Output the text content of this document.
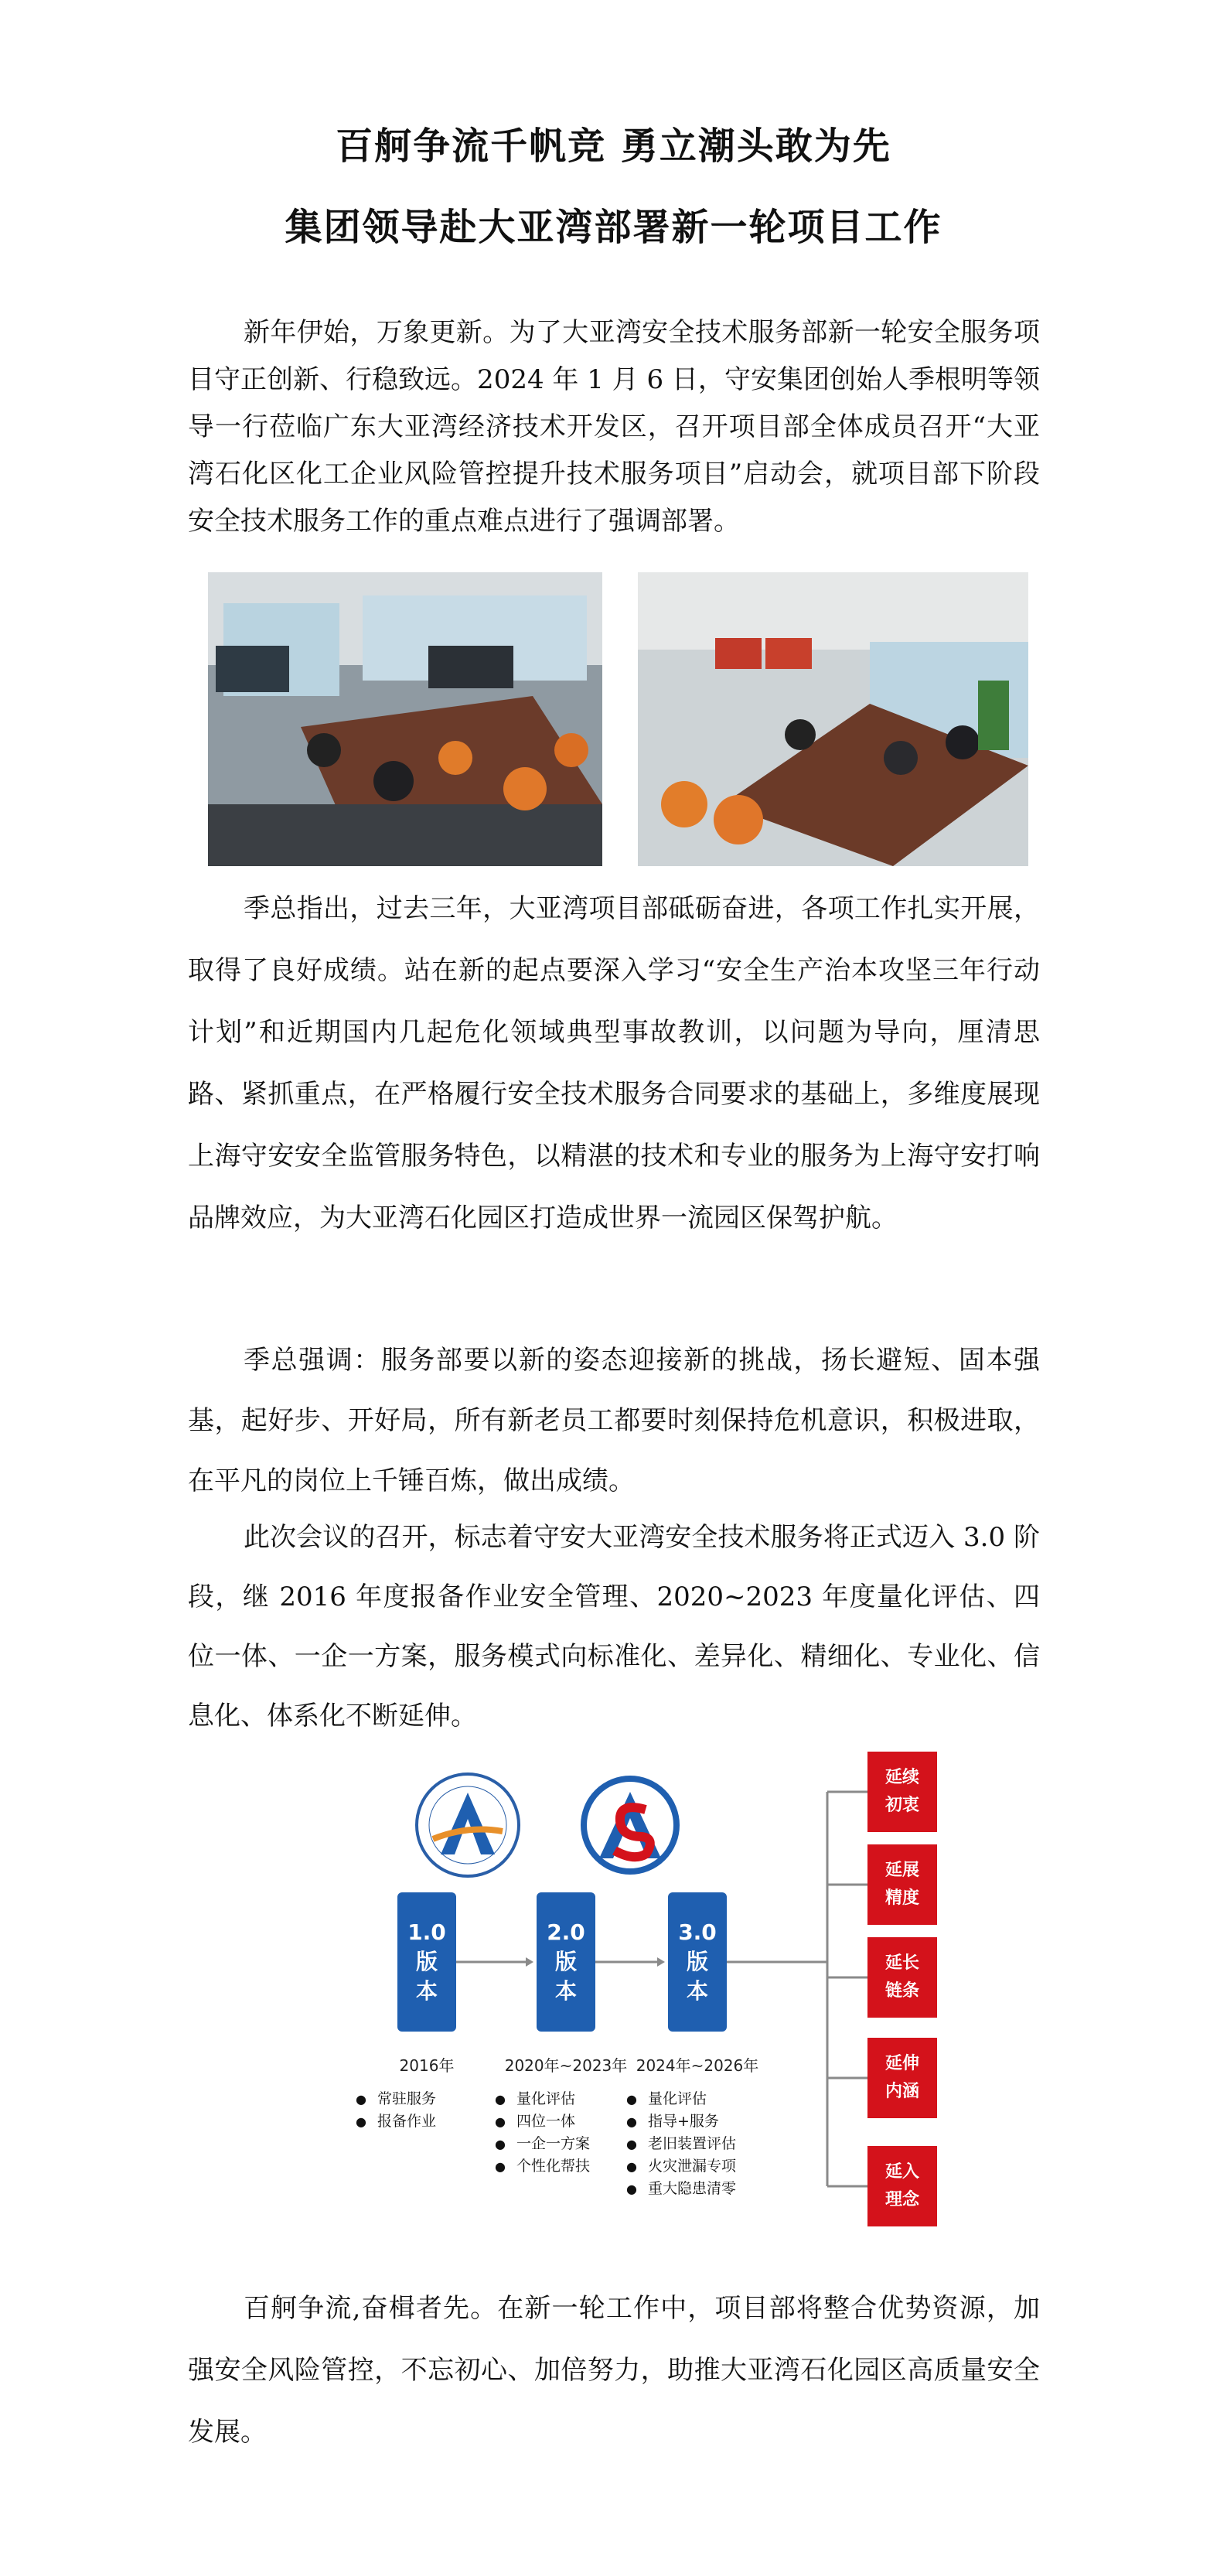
百舸争流千帆竞 勇立潮头敢为先
集团领导赴大亚湾部署新一轮项目工作
新年伊始，万象更新。为了大亚湾安全技术服务部新一轮安全服务项目守正创新、行稳致远。2024 年 1 月 6 日，守安集团创始人季根明等领导一行莅临广东大亚湾经济技术开发区，召开项目部全体成员召开“大亚湾石化区化工企业风险管控提升技术服务项目”启动会，就项目部下阶段安全技术服务工作的重点难点进行了强调部署。
季总指出，过去三年，大亚湾项目部砥砺奋进，各项工作扎实开展，取得了良好成绩。站在新的起点要深入学习“安全生产治本攻坚三年行动计划”和近期国内几起危化领域典型事故教训，以问题为导向，厘清思路、紧抓重点，在严格履行安全技术服务合同要求的基础上，多维度展现上海守安安全监管服务特色，以精湛的技术和专业的服务为上海守安打响品牌效应，为大亚湾石化园区打造成世界一流园区保驾护航。
季总强调：服务部要以新的姿态迎接新的挑战，扬长避短、固本强基，起好步、开好局，所有新老员工都要时刻保持危机意识，积极进取，在平凡的岗位上千锤百炼，做出成绩。
此次会议的召开，标志着守安大亚湾安全技术服务将正式迈入 3.0 阶段，继 2016 年度报备作业安全管理、2020~2023 年度量化评估、四位一体、一企一方案，服务模式向标准化、差异化、精细化、专业化、信息化、体系化不断延伸。
1.0
版
本
2.0
版
本
3.0
版
本
2016年	2020年~2023年 2024年~2026年
● 常驻服务
● 报备作业
● 量化评估
● 四位一体
● 一企一方案
● 个性化帮扶
● 量化评估
● 指导+服务
● 老旧装置评估
● 火灾泄漏专项
● 重大隐患清零
延续
初衷
延展
精度
延长
链条
延伸
内涵
延入
理念
百舸争流,奋楫者先。在新一轮工作中，项目部将整合优势资源，加强安全风险管控，不忘初心、加倍努力，助推大亚湾石化园区高质量安全发展。
